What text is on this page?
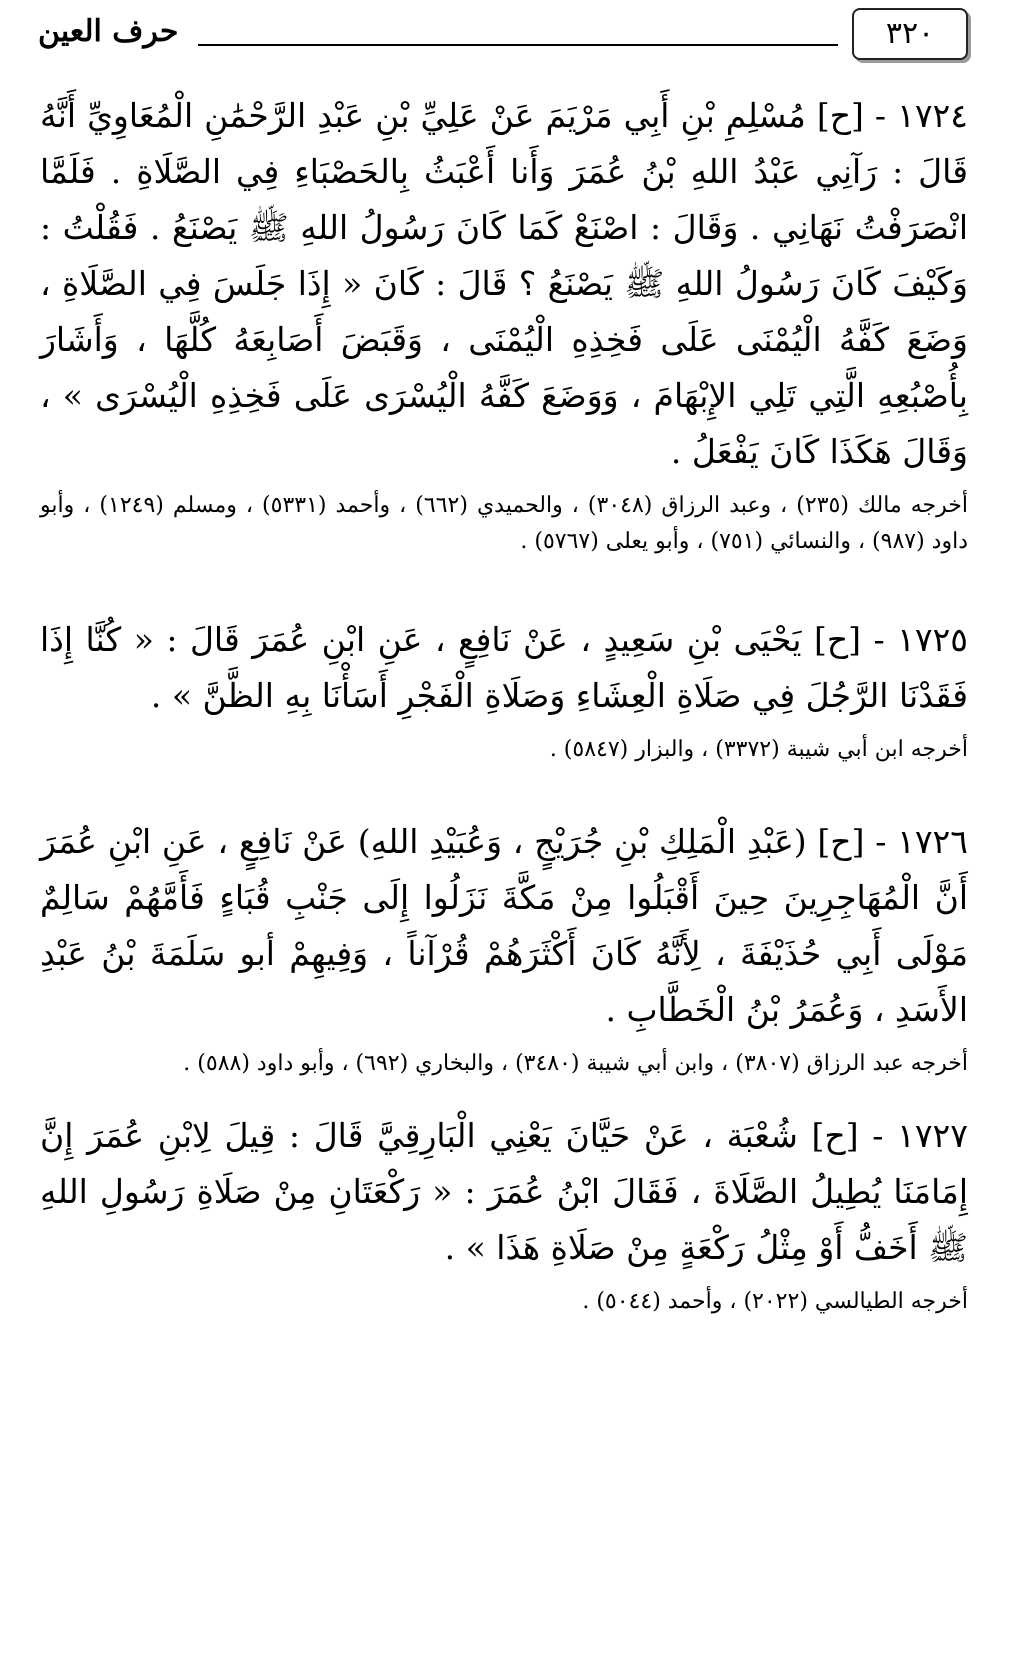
٣٢٠
حرف العين

١٧٢٤ - [ح] مُسْلِمِ بْنِ أَبِي مَرْيَمَ عَنْ عَلِيِّ بْنِ عَبْدِ الرَّحْمَٰنِ الْمُعَاوِيِّ أَنَّهُ قَالَ : رَآنِي عَبْدُ اللهِ بْنُ عُمَرَ وَأَنا أَعْبَثُ بِالحَصْبَاءِ فِي الصَّلَاةِ . فَلَمَّا انْصَرَفْتُ نَهَانِي . وَقَالَ : اصْنَعْ كَمَا كَانَ رَسُولُ اللهِ ﷺ يَصْنَعُ . فَقُلْتُ : وَكَيْفَ كَانَ رَسُولُ اللهِ ﷺ يَصْنَعُ ؟ قَالَ : كَانَ « إِذَا جَلَسَ فِي الصَّلَاةِ ، وَضَعَ كَفَّهُ الْيُمْنَى عَلَى فَخِذِهِ الْيُمْنَى ، وَقَبَضَ أَصَابِعَهُ كُلَّهَا ، وَأَشَارَ بِأُصْبُعِهِ الَّتِي تَلِي الإِبْهَامَ ، وَوَضَعَ كَفَّهُ الْيُسْرَى عَلَى فَخِذِهِ الْيُسْرَى » ، وَقَالَ هَكَذَا كَانَ يَفْعَلُ .

أخرجه مالك (٢٣٥) ، وعبد الرزاق (٣٠٤٨) ، والحميدي (٦٦٢) ، وأحمد (٥٣٣١) ، ومسلم (١٢٤٩) ، وأبو داود (٩٨٧) ، والنسائي (٧٥١) ، وأبو يعلى (٥٧٦٧) .

١٧٢٥ - [ح] يَحْيَى بْنِ سَعِيدٍ ، عَنْ نَافِعٍ ، عَنِ ابْنِ عُمَرَ قَالَ : « كُنَّا إِذَا فَقَدْنَا الرَّجُلَ فِي صَلَاةِ الْعِشَاءِ وَصَلَاةِ الْفَجْرِ أَسَأْنَا بِهِ الظَّنَّ » .

أخرجه ابن أبي شيبة (٣٣٧٢) ، والبزار (٥٨٤٧) .

١٧٢٦ - [ح] (عَبْدِ الْمَلِكِ بْنِ جُرَيْجٍ ، وَعُبَيْدِ اللهِ) عَنْ نَافِعٍ ، عَنِ ابْنِ عُمَرَ أَنَّ الْمُهَاجِرِينَ حِينَ أَقْبَلُوا مِنْ مَكَّةَ نَزَلُوا إِلَى جَنْبِ قُبَاءٍ فَأَمَّهُمْ سَالِمٌ مَوْلَى أَبِي حُذَيْفَةَ ، لِأَنَّهُ كَانَ أَكْثَرَهُمْ قُرْآناً ، وَفِيهِمْ أبو سَلَمَةَ بْنُ عَبْدِ الأَسَدِ ، وَعُمَرُ بْنُ الْخَطَّابِ .

أخرجه عبد الرزاق (٣٨٠٧) ، وابن أبي شيبة (٣٤٨٠) ، والبخاري (٦٩٢) ، وأبو داود (٥٨٨) .

١٧٢٧ - [ح] شُعْبَة ، عَنْ حَيَّانَ يَعْنِي الْبَارِقِيَّ قَالَ : قِيلَ لِابْنِ عُمَرَ إِنَّ إِمَامَنَا يُطِيلُ الصَّلَاةَ ، فَقَالَ ابْنُ عُمَرَ : « رَكْعَتَانِ مِنْ صَلَاةِ رَسُولِ اللهِ ﷺ أَخَفُّ أَوْ مِثْلُ رَكْعَةٍ مِنْ صَلَاةِ هَذَا » .

أخرجه الطيالسي (٢٠٢٢) ، وأحمد (٥٠٤٤) .
